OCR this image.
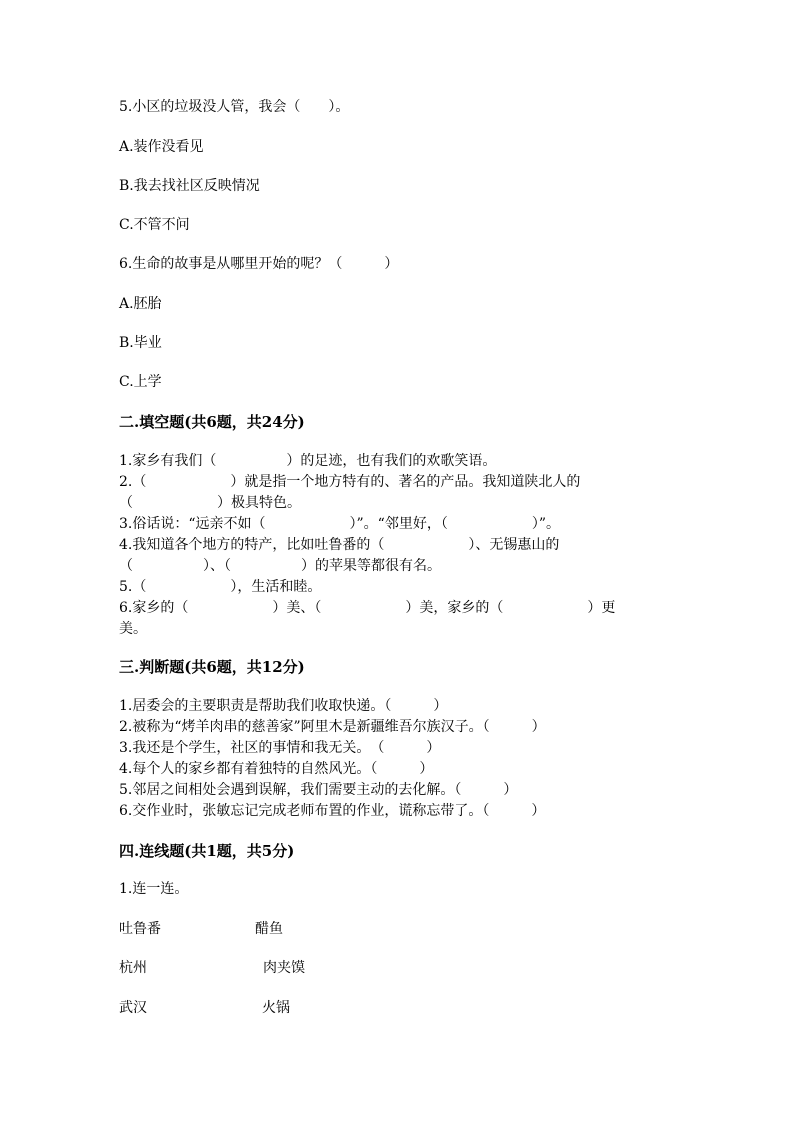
5.小区的垃圾没人管，我会（　　）。
A.装作没看见
B.我去找社区反映情况
C.不管不问
6.生命的故事是从哪里开始的呢？（　　　）
A.胚胎
B.毕业
C.上学
二.填空题(共6题，共24分)
1.家乡有我们（　　　　　）的足迹，也有我们的欢歌笑语。
2.（　　　　　　）就是指一个地方特有的、著名的产品。我知道陕北人的
（　　　　　　）极具特色。
3.俗话说：“远亲不如（　　　　　　）”。“邻里好，（　　　　　　）”。
4.我知道各个地方的特产，比如吐鲁番的（　　　　　　）、无锡惠山的
（　　　　　）、（　　　　　）的苹果等都很有名。
5.（　　　　　　），生活和睦。
6.家乡的（　　　　　　）美、（　　　　　　）美，家乡的（　　　　　　）更
美。
三.判断题(共6题，共12分)
1.居委会的主要职责是帮助我们收取快递。（　　　）
2.被称为“烤羊肉串的慈善家”阿里木是新疆维吾尔族汉子。（　　　）
3.我还是个学生，社区的事情和我无关。　（　　　）
4.每个人的家乡都有着独特的自然风光。（　　　）
5.邻居之间相处会遇到误解，我们需要主动的去化解。（　　　）
6.交作业时，张敏忘记完成老师布置的作业，谎称忘带了。（　　　）
四.连线题(共1题，共5分)
1.连一连。
吐鲁番	醋鱼
杭州	肉夹馍
武汉	火锅
